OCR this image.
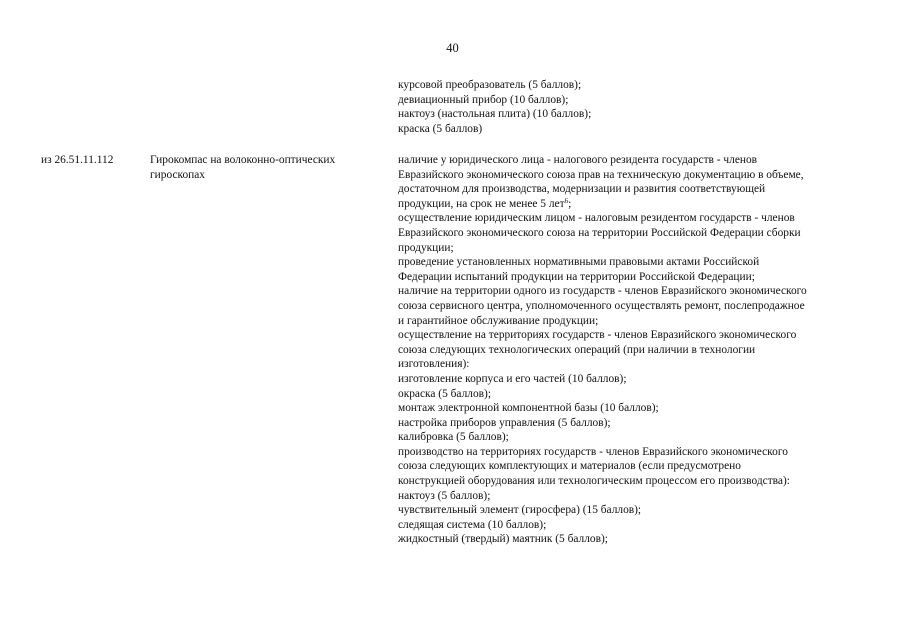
40
курсовой преобразователь (5 баллов);
девиационный прибор (10 баллов);
нактоуз (настольная плита) (10 баллов);
краска (5 баллов)
из 26.51.11.112	Гирокомпас на волоконно-оптических
гироскопах
наличие у юридического лица - налогового резидента государств - членов
Евразийского экономического союза прав на техническую документацию в объеме,
достаточном для производства, модернизации и развития соответствующей
продукции, на срок не менее 5 лет$^6$;
осуществление юридическим лицом - налоговым резидентом государств - членов
Евразийского экономического союза на территории Российской Федерации сборки
продукции;
проведение установленных нормативными правовыми актами Российской
Федерации испытаний продукции на территории Российской Федерации;
наличие на территории одного из государств - членов Евразийского экономического
союза сервисного центра, уполномоченного осуществлять ремонт, послепродажное
и гарантийное обслуживание продукции;
осуществление на территориях государств - членов Евразийского экономического
союза следующих технологических операций (при наличии в технологии
изготовления):
изготовление корпуса и его частей (10 баллов);
окраска (5 баллов);
монтаж электронной компонентной базы (10 баллов);
настройка приборов управления (5 баллов);
калибровка (5 баллов);
производство на территориях государств - членов Евразийского экономического
союза следующих комплектующих и материалов (если предусмотрено
конструкцией оборудования или технологическим процессом его производства):
нактоуз (5 баллов);
чувствительный элемент (гиросфера) (15 баллов);
следящая система (10 баллов);
жидкостный (твердый) маятник (5 баллов);
